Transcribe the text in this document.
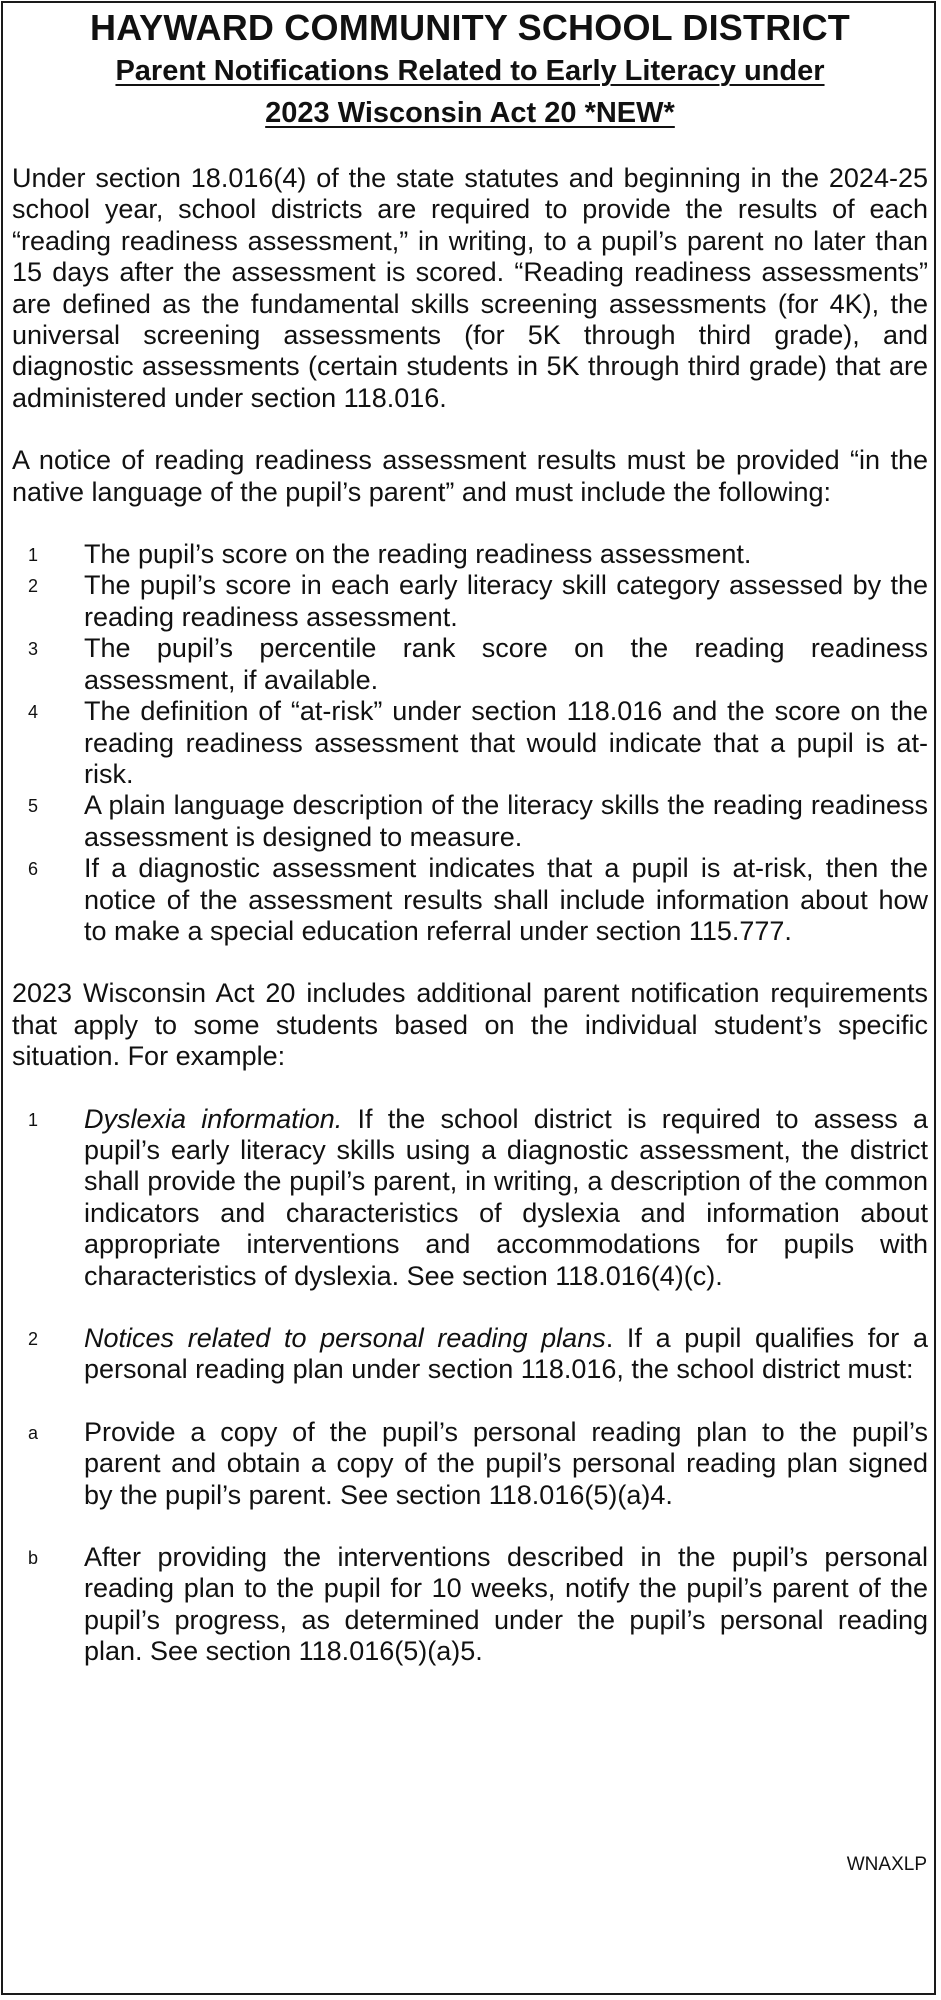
HAYWARD COMMUNITY SCHOOL DISTRICT

Parent Notifications Related to Early Literacy under

2023 Wisconsin Act 20 *NEW*

Under section 18.016(4) of the state statutes and beginning in the 2024-25 school year, school districts are required to provide the results of each “reading readiness assessment,” in writing, to a pupil’s parent no later than 15 days after the assessment is scored. “Reading readiness assessments” are defined as the fundamental skills screening assessments (for 4K), the universal screening assessments (for 5K through third grade), and diagnostic assessments (certain students in 5K through third grade) that are administered under section 118.016.

A notice of reading readiness assessment results must be provided “in the native language of the pupil’s parent” and must include the following:

1 The pupil’s score on the reading readiness assessment.
2 The pupil’s score in each early literacy skill category assessed by the reading readiness assessment.
3 The pupil’s percentile rank score on the reading readiness assessment, if available.
4 The definition of “at-risk” under section 118.016 and the score on the reading readiness assessment that would indicate that a pupil is at-risk.
5 A plain language description of the literacy skills the reading readiness assessment is designed to measure.
6 If a diagnostic assessment indicates that a pupil is at-risk, then the notice of the assessment results shall include information about how to make a special education referral under section 115.777.

2023 Wisconsin Act 20 includes additional parent notification requirements that apply to some students based on the individual student’s specific situation. For example:

1 Dyslexia information. If the school district is required to assess a pupil’s early literacy skills using a diagnostic assessment, the district shall provide the pupil’s parent, in writing, a description of the common indicators and characteristics of dyslexia and information about appropriate interventions and accommodations for pupils with characteristics of dyslexia. See section 118.016(4)(c).
2 Notices related to personal reading plans. If a pupil qualifies for a personal reading plan under section 118.016, the school district must:
a Provide a copy of the pupil’s personal reading plan to the pupil’s parent and obtain a copy of the pupil’s personal reading plan signed by the pupil’s parent. See section 118.016(5)(a)4.
b After providing the interventions described in the pupil’s personal reading plan to the pupil for 10 weeks, notify the pupil’s parent of the pupil’s progress, as determined under the pupil’s personal reading plan. See section 118.016(5)(a)5.
WNAXLP
